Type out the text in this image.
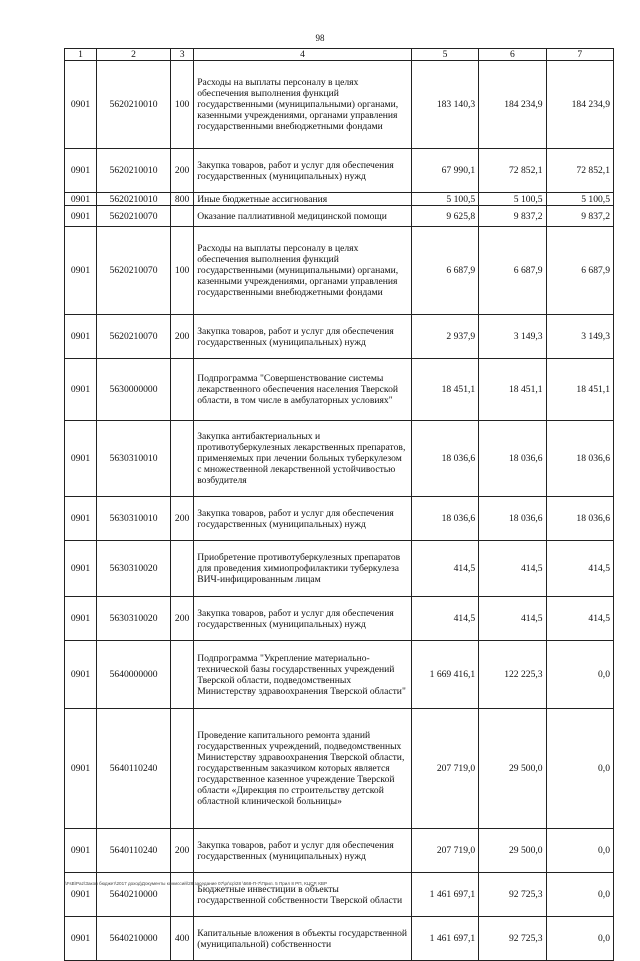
98
1	2	3	4	5	6	7
0901	5620210010	100	Расходы на выплаты персоналу в целях обеспечения выполнения функций государственными (муниципальными) органами, казенными учреждениями, органами управления государственными внебюджетными фондами	183 140,3	184 234,9	184 234,9
0901	5620210010	200	Закупка товаров, работ и услуг для обеспечения государственных (муниципальных) нужд	67 990,1	72 852,1	72 852,1
0901	5620210010	800	Иные бюджетные ассигнования	5 100,5	5 100,5	5 100,5
0901	5620210070		Оказание паллиативной медицинской помощи	9 625,8	9 837,2	9 837,2
0901	5620210070	100	Расходы на выплаты персоналу в целях обеспечения выполнения функций государственными (муниципальными) органами, казенными учреждениями, органами управления государственными внебюджетными фондами	6 687,9	6 687,9	6 687,9
0901	5620210070	200	Закупка товаров, работ и услуг для обеспечения государственных (муниципальных) нужд	2 937,9	3 149,3	3 149,3
0901	5630000000		Подпрограмма "Совершенствование системы лекарственного обеспечения населения Тверской области, в том числе в амбулаторных условиях"	18 451,1	18 451,1	18 451,1
0901	5630310010		Закупка антибактериальных и противотуберкулезных лекарственных препаратов, применяемых при лечении больных туберкулезом с множественной лекарственной устойчивостью возбудителя	18 036,6	18 036,6	18 036,6
0901	5630310010	200	Закупка товаров, работ и услуг для обеспечения государственных (муниципальных) нужд	18 036,6	18 036,6	18 036,6
0901	5630310020		Приобретение противотуберкулезных препаратов для проведения химиопрофилактики туберкулеза ВИЧ-инфицированным лицам	414,5	414,5	414,5
0901	5630310020	200	Закупка товаров, работ и услуг для обеспечения государственных (муниципальных) нужд	414,5	414,5	414,5
0901	5640000000		Подпрограмма "Укрепление материально-технической базы государственных учреждений Тверской области, подведомственных Министерству здравоохранения Тверской области"	1 669 416,1	122 225,3	0,0
0901	5640110240		Проведение капитального ремонта зданий государственных учреждений, подведомственных Министерству здравоохранения Тверской области, государственным заказчиком которых является государственное казенное учреждение Тверской области «Дирекция по строительству детской областной клинической больницы»	207 719,0	29 500,0	0,0
0901	5640110240	200	Закупка товаров, работ и услуг для обеспечения государственных (муниципальных) нужд	207 719,0	29 500,0	0,0
0901	5640210000		Бюджетные инвестиции в объекты государственной собственности Тверской области	1 461 697,1	92 725,3	0,0
0901	5640210000	400	Капитальные вложения в объекты государственной (муниципальной) собственности	1 461 697,1	92 725,3	0,0
\\FsB\Paz\Закон бюджет\2017 доход\Документы комиссий\28 заседание 07\pr\cp\28 \568-П-7\Прил. 5 Прил 8 РП, КЦСР, КВР
